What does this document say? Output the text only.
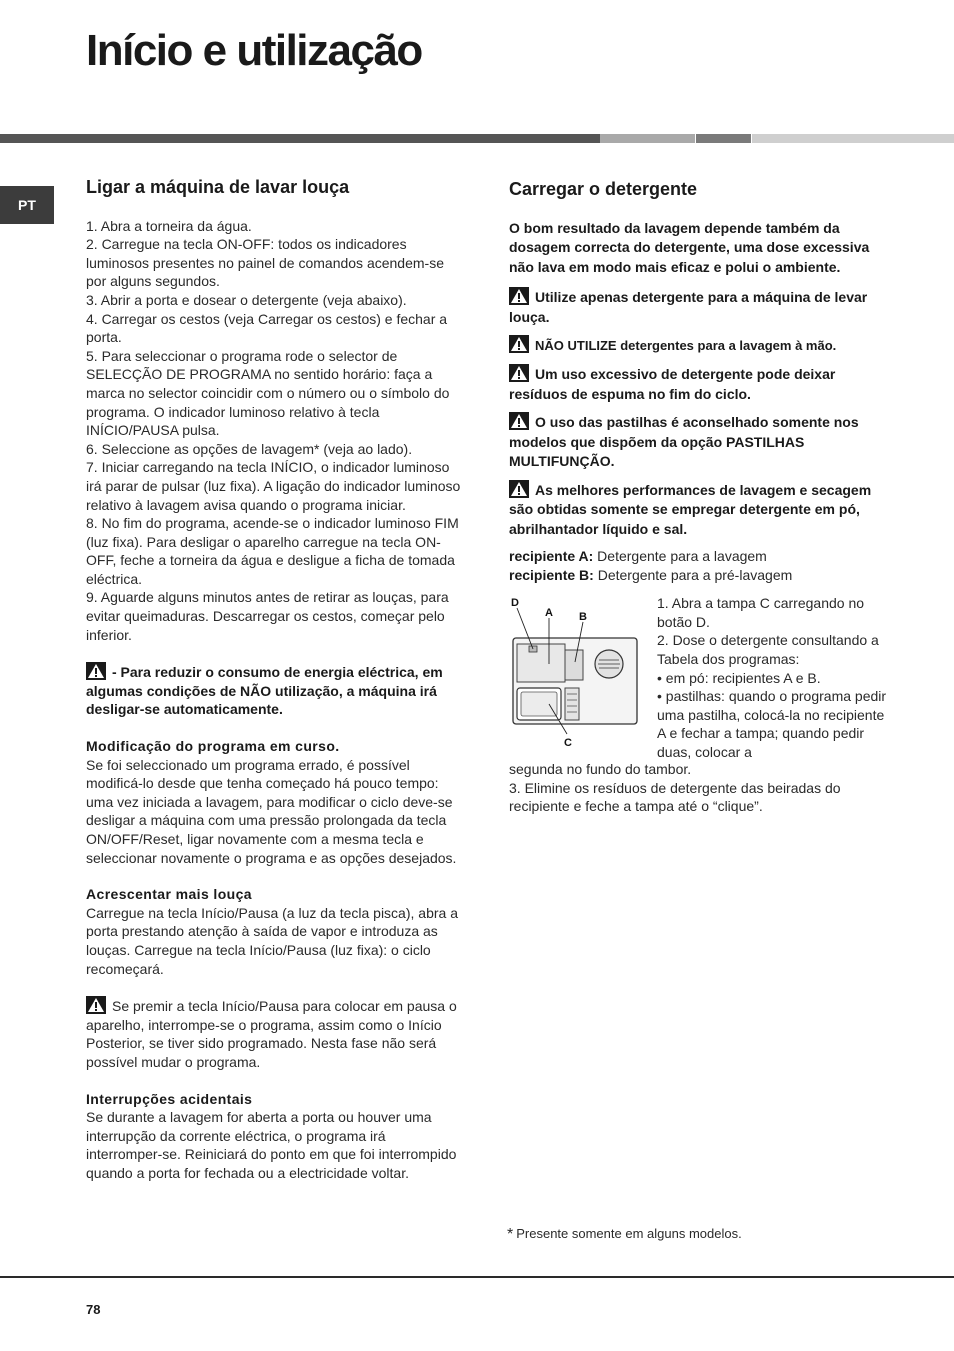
Início e utilização
PT
Ligar a máquina de lavar louça

1. Abra a torneira da água.

2. Carregue na tecla ON-OFF: todos os indicadores luminosos presentes no painel de comandos acendem-se por alguns segundos.

3. Abrir a porta e dosear o detergente (veja abaixo).

4. Carregar os cestos (veja Carregar os cestos) e fechar a porta.

5. Para seleccionar o programa rode o selector de SELECÇÃO DE PROGRAMA no sentido horário: faça a marca no selector coincidir com o número ou o símbolo do programa. O indicador luminoso relativo à tecla INÍCIO/PAUSA pulsa.

6. Seleccione as opções de lavagem* (veja ao lado).

7. Iniciar carregando na tecla INÍCIO, o indicador luminoso irá parar de pulsar (luz fixa). A ligação do indicador luminoso relativo à lavagem avisa quando o programa iniciar.

8. No fim do programa, acende-se o indicador luminoso FIM (luz fixa). Para desligar o aparelho carregue na tecla ON-OFF, feche a torneira da água e desligue a ficha de tomada eléctrica.

9. Aguarde alguns minutos antes de retirar as louças, para evitar queimaduras. Descarregar os cestos, começar pelo inferior.

- Para reduzir o consumo de energia eléctrica, em algumas condições de NÃO utilização, a máquina irá desligar-se automaticamente.

Modificação do programa em curso.

Se foi seleccionado um programa errado, é possível modificá-lo desde que tenha começado há pouco tempo: uma vez iniciada a lavagem, para modificar o ciclo deve-se desligar a máquina com uma pressão prolongada da tecla ON/OFF/Reset, ligar novamente com a mesma tecla e seleccionar novamente o programa e as opções desejados.

Acrescentar mais louça

Carregue na tecla Início/Pausa (a luz da tecla pisca), abra a porta prestando atenção à saída de vapor e introduza as louças. Carregue na tecla Início/Pausa (luz fixa): o ciclo recomeçará.

Se premir a tecla Início/Pausa para colocar em pausa o aparelho, interrompe-se o programa, assim como o Início Posterior, se tiver sido programado. Nesta fase não será possível mudar o programa.

Interrupções acidentais

Se durante a lavagem for aberta a porta ou houver uma interrupção da corrente eléctrica, o programa irá interromper-se. Reiniciará do ponto em que foi interrompido quando a porta for fechada ou a electricidade voltar.

Carregar o detergente

O bom resultado da lavagem depende também da dosagem correcta do detergente, uma dose excessiva não lava em modo mais eficaz e polui o ambiente.

Utilize apenas detergente para a máquina de levar louça.

NÃO UTILIZE detergentes para a lavagem à mão.

Um uso excessivo de detergente pode deixar resíduos de espuma no fim do ciclo.

O uso das pastilhas é aconselhado somente nos modelos que dispõem da opção PASTILHAS MULTIFUNÇÃO.

As melhores performances de lavagem e secagem são obtidas somente se empregar detergente em pó, abrilhantador líquido e sal.

recipiente A: Detergente para a lavagem

recipiente B: Detergente para a pré-lavagem

D
A B
C

1. Abra a tampa C carregando no botão D.

2. Dose o detergente consultando a Tabela dos programas:

• em pó: recipientes A e B.

• pastilhas: quando o programa pedir uma pastilha, colocá-la no recipiente A e fechar a tampa; quando pedir duas, colocar a

segunda no fundo do tambor.

3. Elimine os resíduos de detergente das beiradas do recipiente e feche a tampa até o “clique”.

* Presente somente em alguns modelos.
78
